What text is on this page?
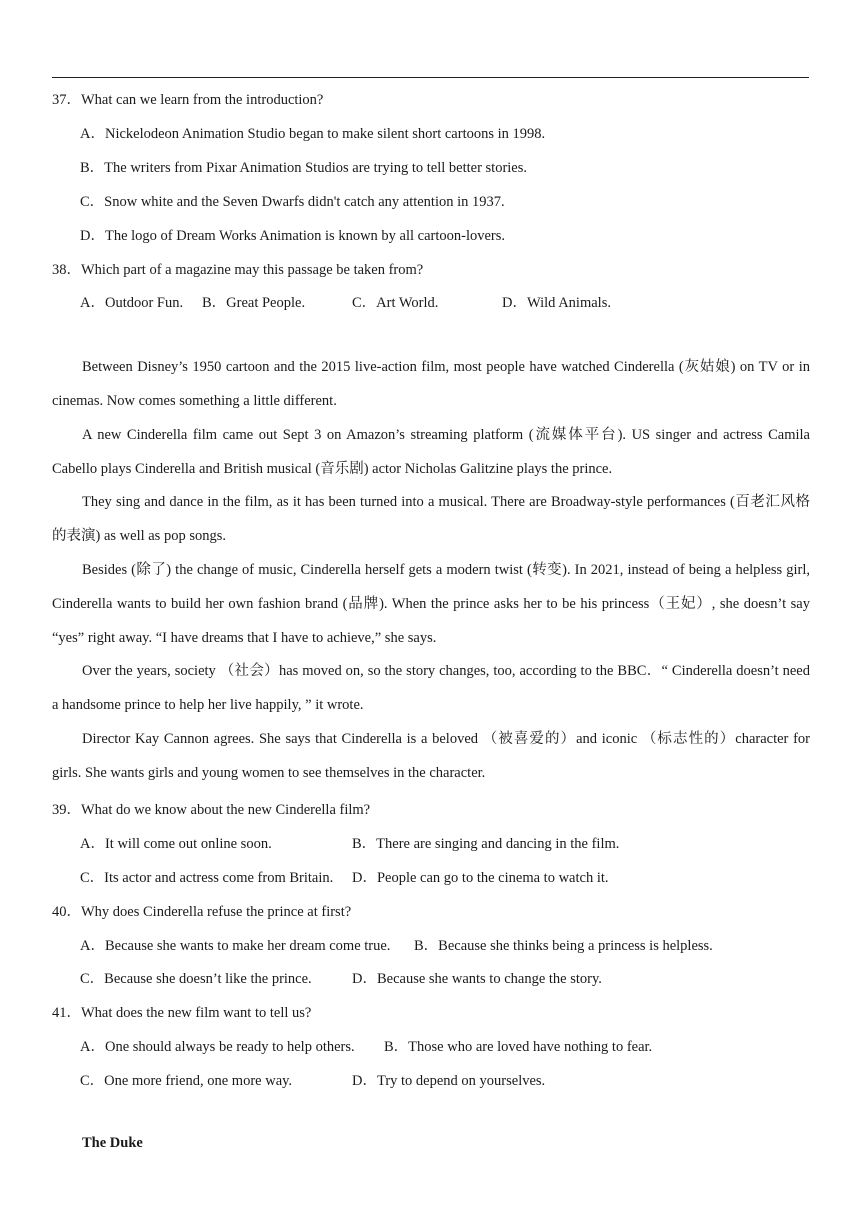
37．What can we learn from the introduction?
A．Nickelodeon Animation Studio began to make silent short cartoons in 1998.
B．The writers from Pixar Animation Studios are trying to tell better stories.
C．Snow white and the Seven Dwarfs didn't catch any attention in 1937.
D．The logo of Dream Works Animation is known by all cartoon-lovers.
38．Which part of a magazine may this passage be taken from?
A．Outdoor Fun. B．Great People.	C．Art World.	D．Wild Animals.
Between Disney’s 1950 cartoon and the 2015 live-action film, most people have watched Cinderella (灰姑娘) on TV or in cinemas. Now comes something a little different.
A new Cinderella film came out Sept 3 on Amazon’s streaming platform (流媒体平台). US singer and actress Camila Cabello plays Cinderella and British musical (音乐剧) actor Nicholas Galitzine plays the prince.
They sing and dance in the film, as it has been turned into a musical. There are Broadway-style performances (百老汇风格的表演) as well as pop songs.
Besides (除了) the change of music, Cinderella herself gets a modern twist (转变). In 2021, instead of being a helpless girl, Cinderella wants to build her own fashion brand (品牌). When the prince asks her to be his princess（王妃）, she doesn’t say “yes” right away. “I have dreams that I have to achieve,” she says.
Over the years, society （社会）has moved on, so the story changes, too, according to the BBC．“ Cinderella doesn’t need a handsome prince to help her live happily, ” it wrote.
Director Kay Cannon agrees. She says that Cinderella is a beloved （被喜爱的）and iconic （标志性的）character for girls. She wants girls and young women to see themselves in the character.
39．What do we know about the new Cinderella film?
A．It will come out online soon.	B．There are singing and dancing in the film.
C．Its actor and actress come from Britain. D．People can go to the cinema to watch it.
40．Why does Cinderella refuse the prince at first?
A．Because she wants to make her dream come true. B．Because she thinks being a princess is helpless.
C．Because she doesn’t like the prince.	D．Because she wants to change the story.
41．What does the new film want to tell us?
A．One should always be ready to help others. B．Those who are loved have nothing to fear.
C．One more friend, one more way.	D．Try to depend on yourselves.
The Duke
